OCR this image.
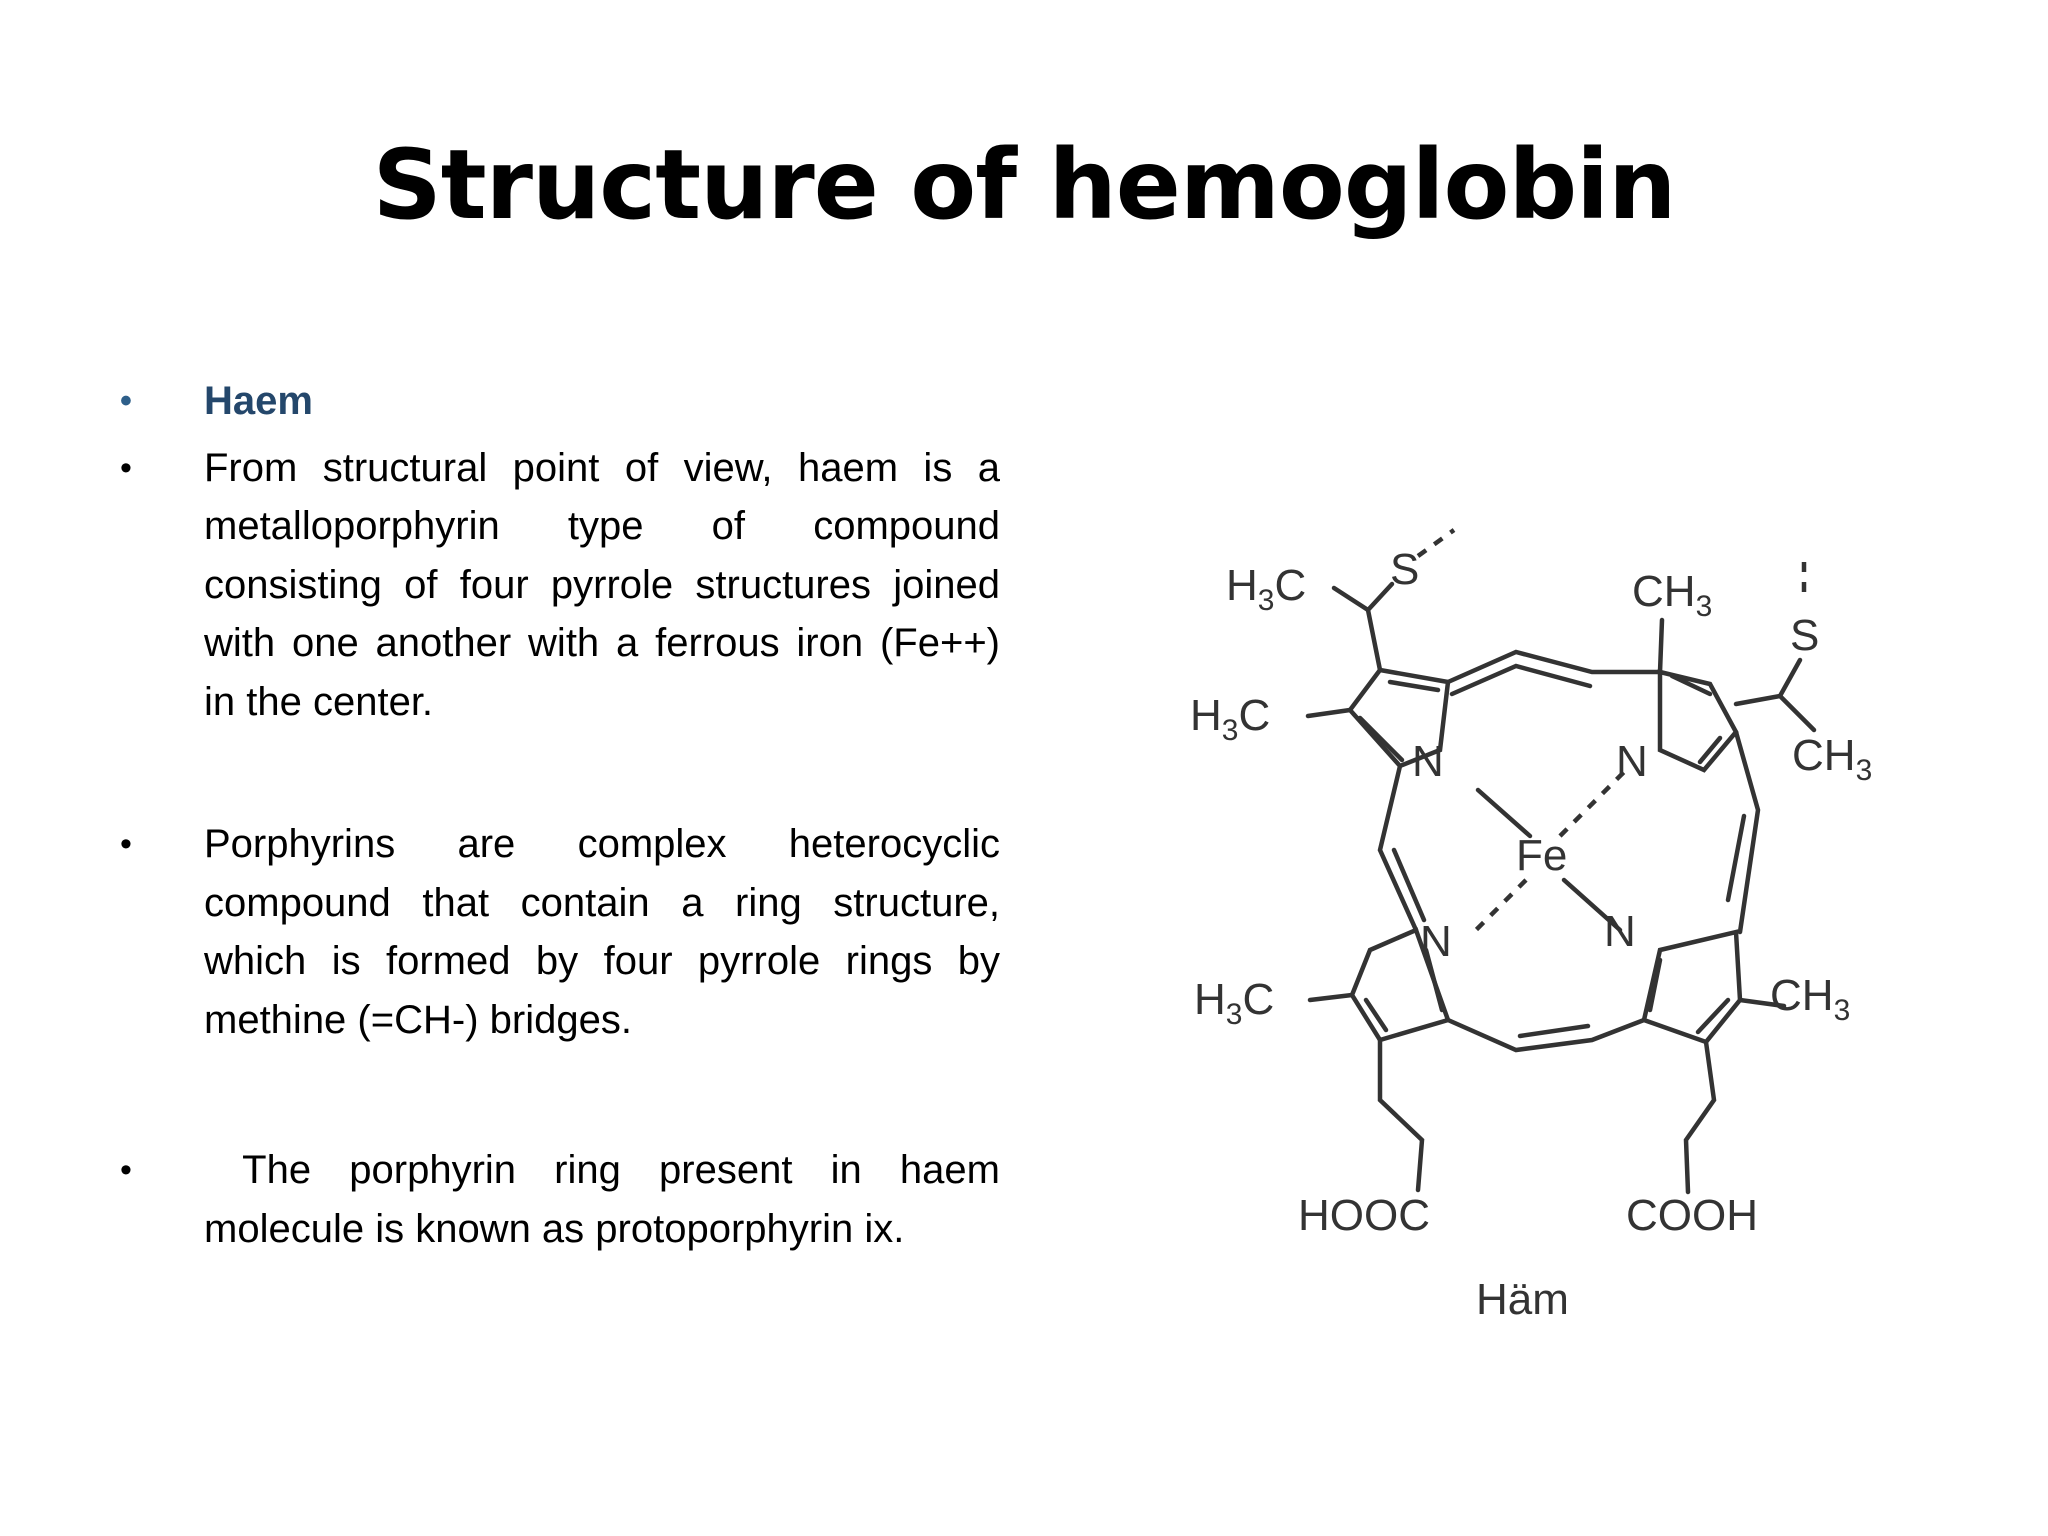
Structure of hemoglobin
• Haem
• From structural point of view, haem is a metalloporphyrin type of compound consisting of four pyrrole structures joined with one another with a ferrous iron (Fe++) in the center.
• Porphyrins are complex heterocyclic compound that contain a ring structure, which is formed by four pyrrole rings by methine (=CH-) bridges.
• The porphyrin ring present in haem molecule is known as protoporphyrin ix.
$H_3C$ S	$CH_3$
S
$H_3C$
$CH_3$
N	N
Fe
N	N
$H_3C$	$CH_3$
HOOC	COOH
Häm
